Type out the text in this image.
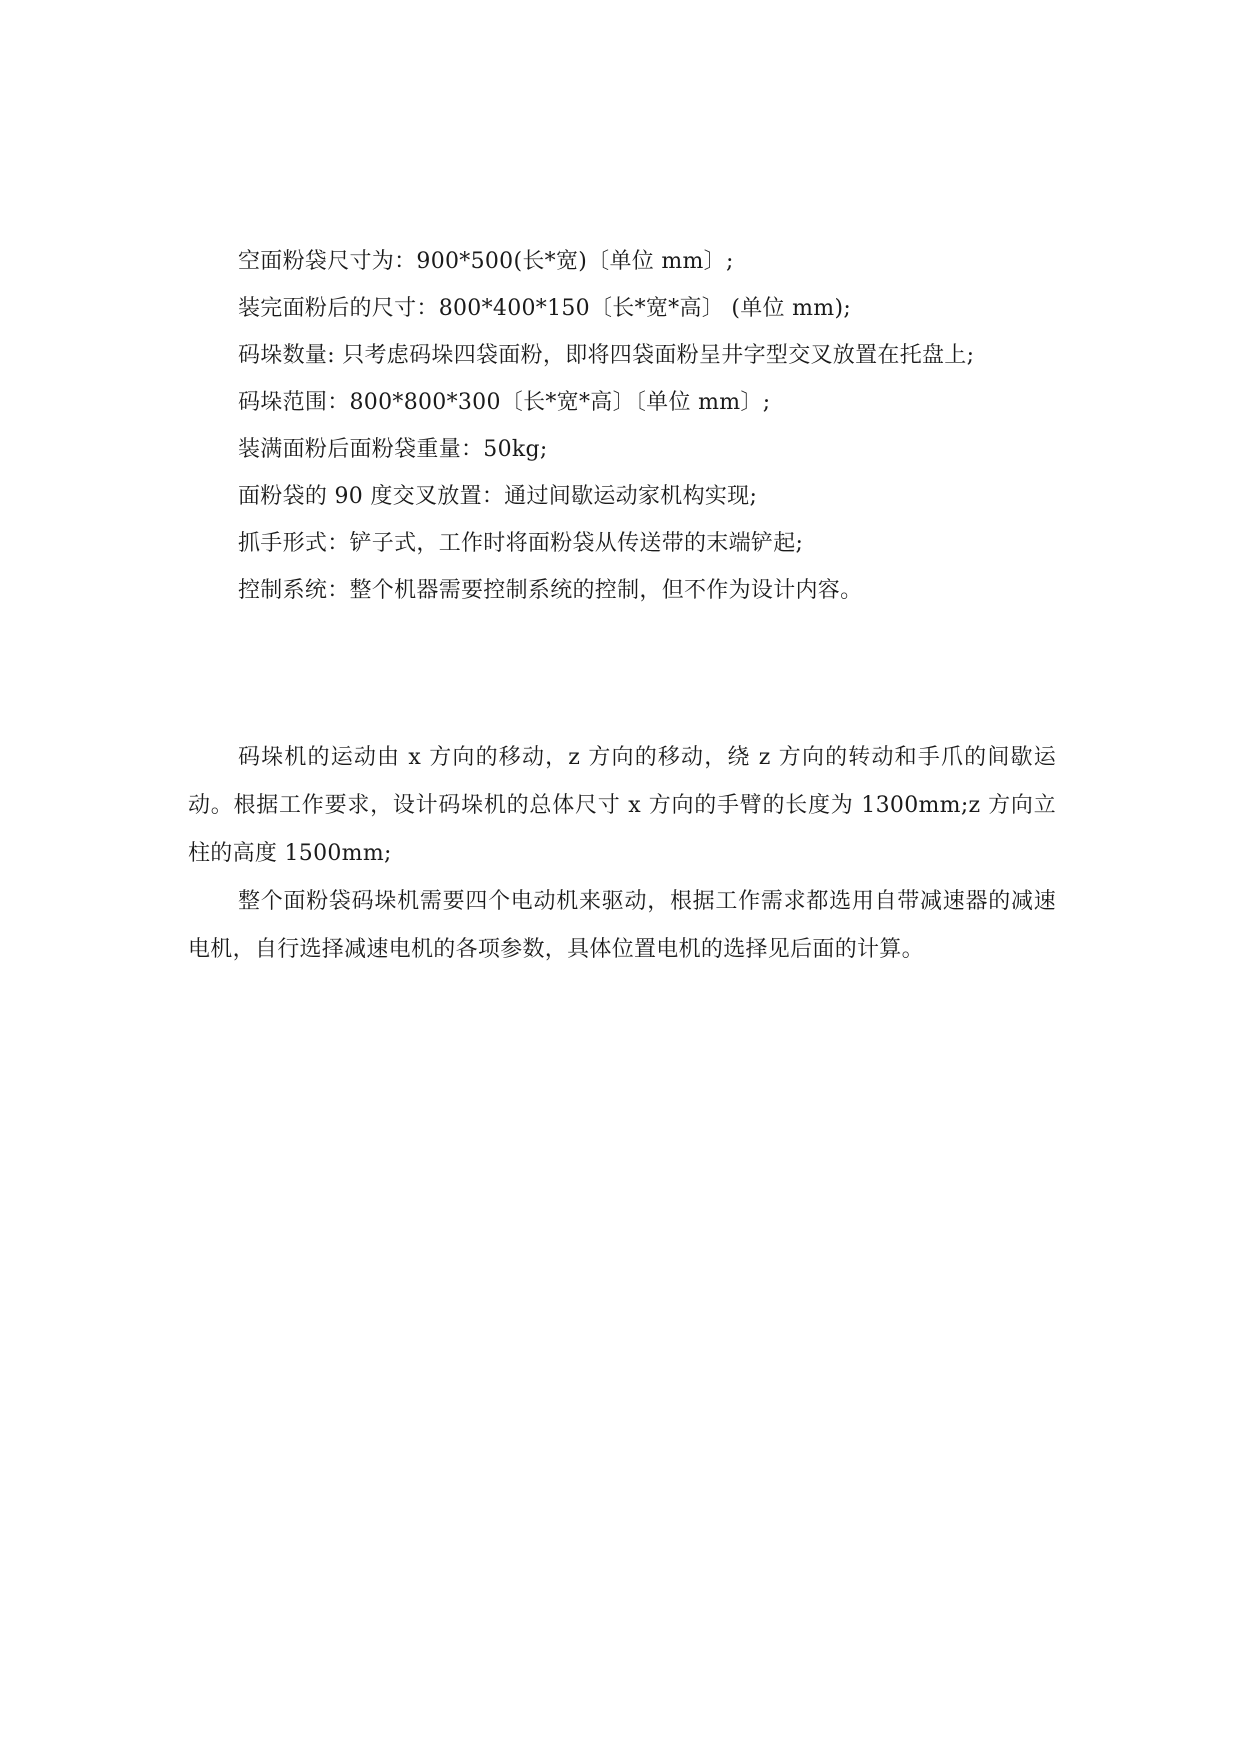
空面粉袋尺寸为：900*500(长*宽)〔单位 mm〕;
装完面粉后的尺寸：800*400*150〔长*宽*高〕 (单位 mm);
码垛数量: 只考虑码垛四袋面粉，即将四袋面粉呈井字型交叉放置在托盘上;
码垛范围：800*800*300〔长*宽*高〕〔单位 mm〕;
装满面粉后面粉袋重量：50kg;
面粉袋的 90 度交叉放置：通过间歇运动家机构实现;
抓手形式：铲子式，工作时将面粉袋从传送带的末端铲起;
控制系统：整个机器需要控制系统的控制，但不作为设计内容。

码垛机的运动由 x 方向的移动，z 方向的移动，绕 z 方向的转动和手爪的间歇运动。根据工作要求，设计码垛机的总体尺寸 x 方向的手臂的长度为 1300mm;z 方向立柱的高度 1500mm;

整个面粉袋码垛机需要四个电动机来驱动，根据工作需求都选用自带减速器的减速电机，自行选择减速电机的各项参数，具体位置电机的选择见后面的计算。
